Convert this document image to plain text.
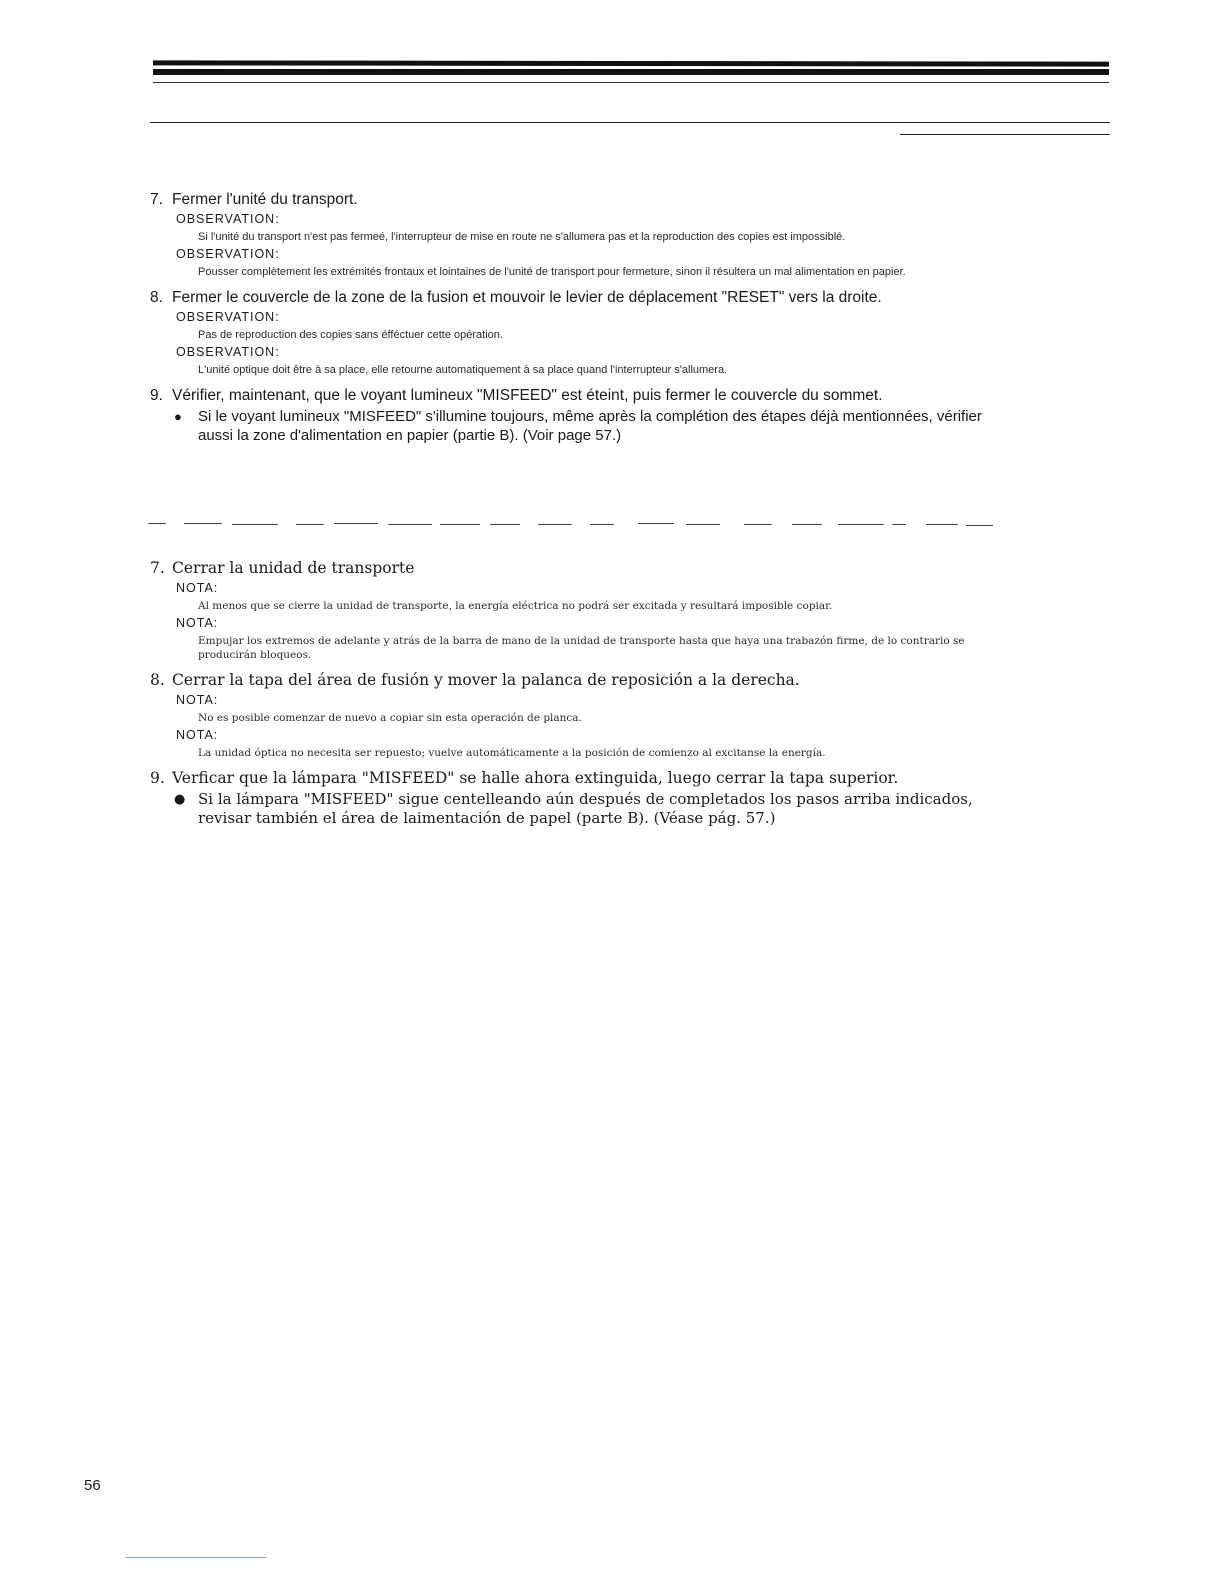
7. Fermer l'unité du transport.
OBSERVATION:
Si l'unité du transport n'est pas fermeé, l'interrupteur de mise en route ne s'allumera pas et la reproduction des copies est impossiblé.
OBSERVATION:
Pousser complètement les extrémités frontaux et lointaines de l'unité de transport pour fermeture, sinon il résultera un mal alimentation en papier.
8. Fermer le couvercle de la zone de la fusion et mouvoir le levier de déplacement "RESET" vers la droite.
OBSERVATION:
Pas de reproduction des copies sans éfféctuer cette opération.
OBSERVATION:
L'unité optique doit être à sa place, elle retourne automatiquement à sa place quand l'interrupteur s'allumera.
9. Vérifier, maintenant, que le voyant lumineux "MISFEED" est éteint, puis fermer le couvercle du sommet.
●	Si le voyant lumineux "MISFEED" s'illumine toujours, même après la complétion des étapes déjà mentionnées, vérifier aussi la zone d'alimentation en papier (partie B). (Voir page 57.)
7. Cerrar la unidad de transporte
NOTA:
Al menos que se cierre la unidad de transporte, la energía eléctrica no podrá ser excitada y resultará imposible copiar.
NOTA:
Empujar los extremos de adelante y atrás de la barra de mano de la unidad de transporte hasta que haya una trabazón firme, de lo contrario se producirán bloqueos.
8. Cerrar la tapa del área de fusión y mover la palanca de reposición a la derecha.
NOTA:
No es posible comenzar de nuevo a copiar sin esta operación de planca.
NOTA:
La unidad óptica no necesita ser repuesto; vuelve automáticamente a la posición de comienzo al excitanse la energía.
9. Verficar que la lámpara "MISFEED" se halle ahora extinguida, luego cerrar la tapa superior.
● Si la lámpara "MISFEED" sigue centelleando aún después de completados los pasos arriba indicados, revisar también el área de laimentación de papel (parte B). (Véase pág. 57.)
56
